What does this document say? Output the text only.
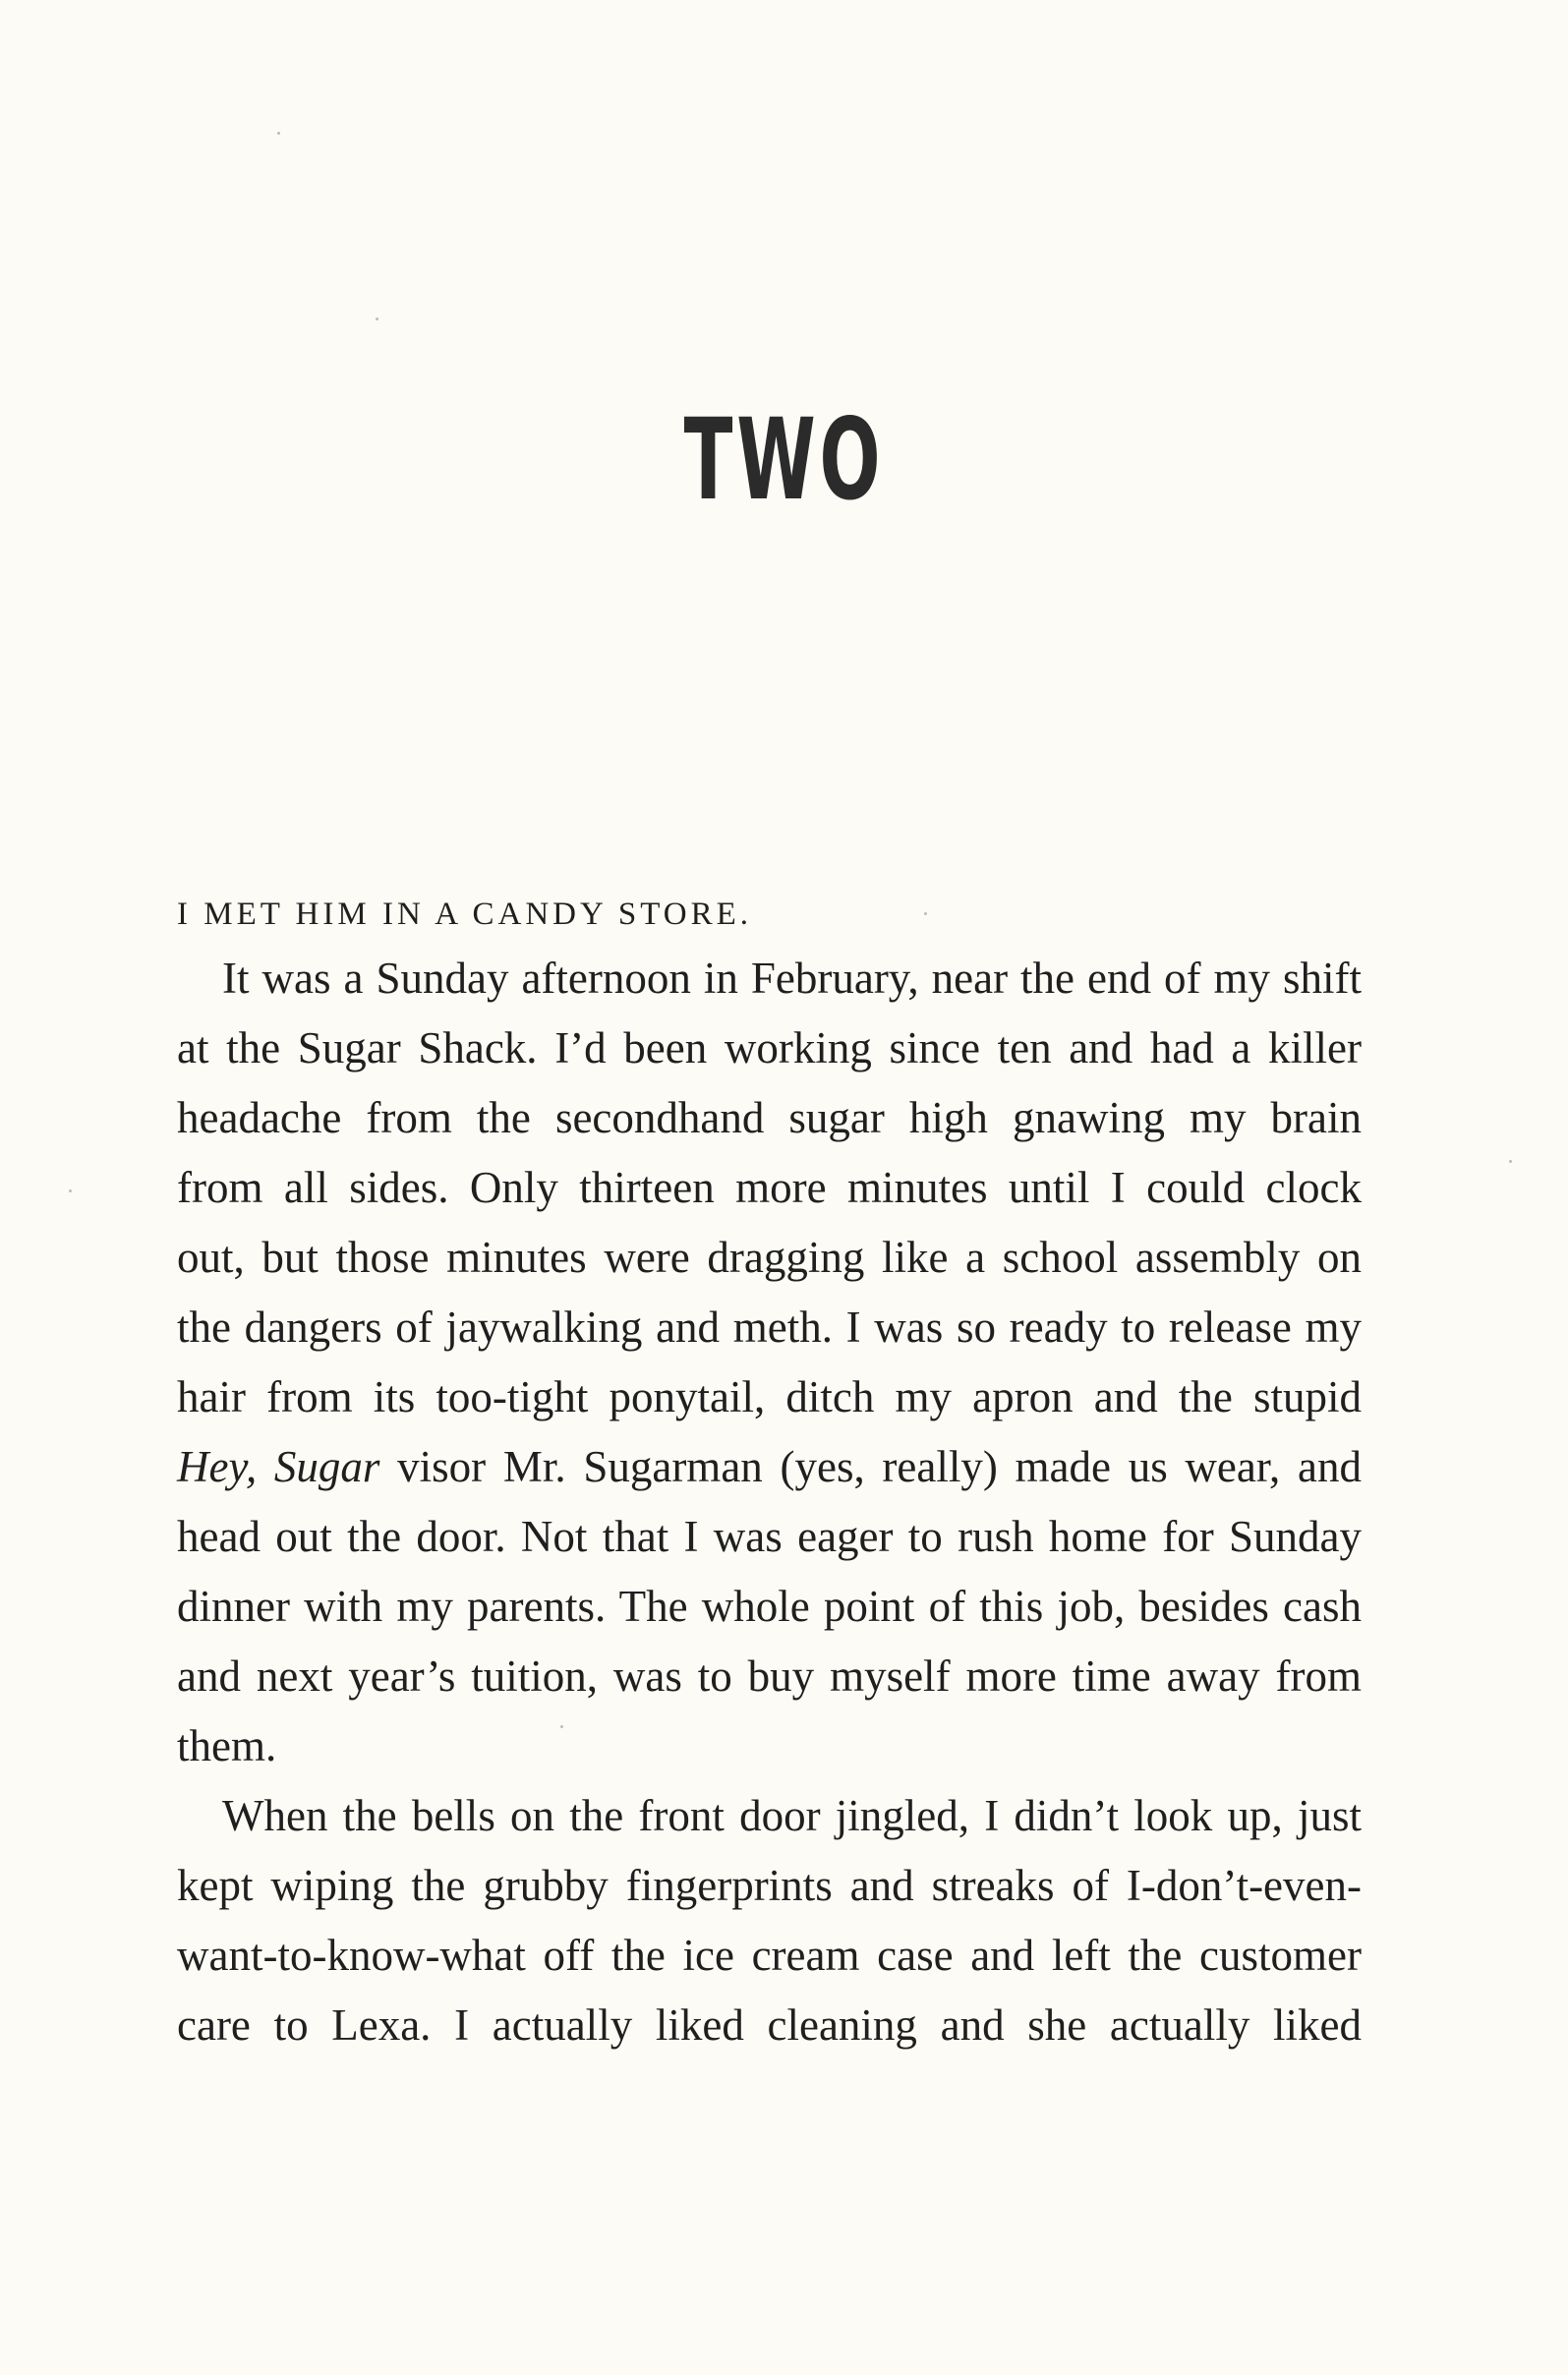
TWO
I MET HIM IN A CANDY STORE.
It was a Sunday afternoon in February, near the end of my shift
at the Sugar Shack. I’d been working since ten and had a killer
headache from the secondhand sugar high gnawing my brain
from all sides. Only thirteen more minutes until I could clock
out, but those minutes were dragging like a school assembly on
the dangers of jaywalking and meth. I was so ready to release my
hair from its too-tight ponytail, ditch my apron and the stupid
Hey, Sugar visor Mr. Sugarman (yes, really) made us wear, and
head out the door. Not that I was eager to rush home for Sunday
dinner with my parents. The whole point of this job, besides cash
and next year’s tuition, was to buy myself more time away from
them.
When the bells on the front door jingled, I didn’t look up, just
kept wiping the grubby fingerprints and streaks of I-don’t-even-
want-to-know-what off the ice cream case and left the customer
care to Lexa. I actually liked cleaning and she actually liked
